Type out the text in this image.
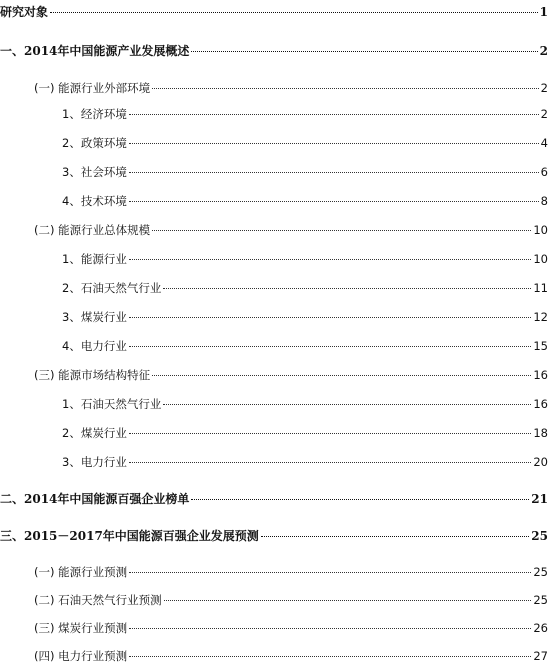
研究对象	1
一、2014年中国能源产业发展概述	2
(一) 能源行业外部环境	2
1、经济环境	2
2、政策环境	4
3、社会环境	6
4、技术环境	8
(二) 能源行业总体规模	10
1、能源行业	10
2、石油天然气行业	11
3、煤炭行业	12
4、电力行业	15
(三) 能源市场结构特征	16
1、石油天然气行业	16
2、煤炭行业	18
3、电力行业	20
二、2014年中国能源百强企业榜单	21
三、2015－2017年中国能源百强企业发展预测	25
(一) 能源行业预测	25
(二) 石油天然气行业预测	25
(三) 煤炭行业预测	26
(四) 电力行业预测	27
